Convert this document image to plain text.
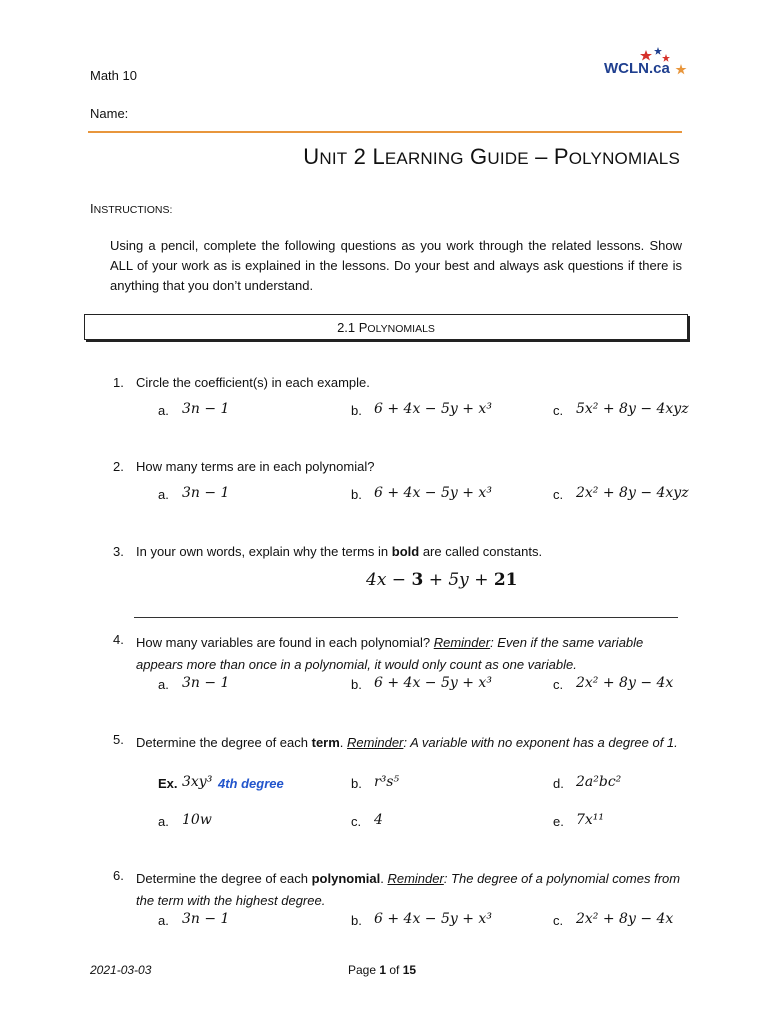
Math 10
Name:
WCLN.ca
UNIT 2 LEARNING GUIDE – POLYNOMIALS
INSTRUCTIONS:
Using a pencil, complete the following questions as you work through the related lessons. Show ALL of your work as is explained in the lessons. Do your best and always ask questions if there is anything that you don’t understand.
2.1 POLYNOMIALS
1. Circle the coefficient(s) in each example.
a. 3n − 1	b. 6 + 4x − 5y + x³	c. 5x² + 8y − 4xyz
2. How many terms are in each polynomial?
a. 3n − 1	b. 6 + 4x − 5y + x³	c. 2x² + 8y − 4xyz
3. In your own words, explain why the terms in bold are called constants.
4x − 3 + 5y + 21
4. How many variables are found in each polynomial? Reminder: Even if the same variable appears more than once in a polynomial, it would only count as one variable.
a. 3n − 1	b. 6 + 4x − 5y + x³	c. 2x² + 8y − 4x
5. Determine the degree of each term. Reminder: A variable with no exponent has a degree of 1.
Ex. 3xy³ 4th degree	b. r³s⁵	d. 2a²bc²
a. 10w	c. 4	e. 7x¹¹
6. Determine the degree of each polynomial. Reminder: The degree of a polynomial comes from the term with the highest degree.
a. 3n − 1	b. 6 + 4x − 5y + x³	c. 2x² + 8y − 4x
2021-03-03	Page 1 of 15
